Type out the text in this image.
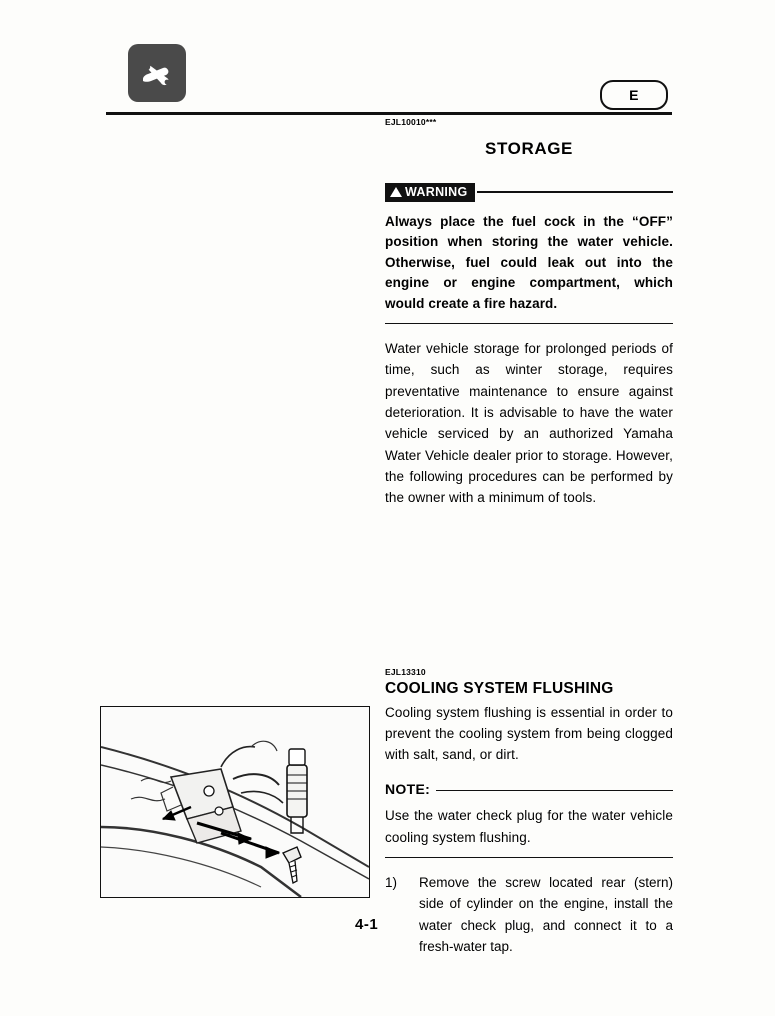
E
EJL10010***
STORAGE
WARNING
Always place the fuel cock in the “OFF” position when storing the water vehicle. Otherwise, fuel could leak out into the engine or engine compartment, which would create a fire hazard.
Water vehicle storage for prolonged periods of time, such as winter storage, requires preventative maintenance to ensure against deterioration. It is advisable to have the water vehicle serviced by an authorized Yamaha Water Vehicle dealer prior to storage. However, the following procedures can be performed by the owner with a minimum of tools.
EJL13310
COOLING SYSTEM FLUSHING
Cooling system flushing is essential in order to prevent the cooling system from being clogged with salt, sand, or dirt.
NOTE:
Use the water check plug for the water vehicle cooling system flushing.
1)	Remove the screw located rear (stern) side of cylinder on the engine, install the water check plug, and connect it to a fresh-water tap.
4-1
